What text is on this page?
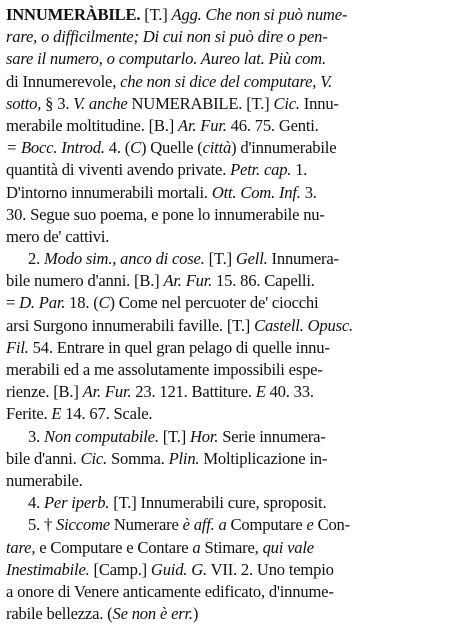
INNUMERÀBILE. [T.] Agg. Che non si può nume-
rare, o difficilmente; Di cui non si può dire o pen-
sare il numero, o computarlo. Aureo lat. Più com.
di Innumerevole, che non si dice del computare, V.
sotto, § 3. V. anche NUMERABILE. [T.] Cic. Innu-
merabile moltitudine. [B.] Ar. Fur. 46. 75. Genti.
= Bocc. Introd. 4. (C) Quelle (città) d'innumerabile
quantità di viventi avendo private. Petr. cap. 1.
D'intorno innumerabili mortali. Ott. Com. Inf. 3.
30. Segue suo poema, e pone lo innumerabile nu-
mero de' cattivi.
2. Modo sim., anco di cose. [T.] Gell. Innumera-
bile numero d'anni. [B.] Ar. Fur. 15. 86. Capelli.
= D. Par. 18. (C) Come nel percuoter de' ciocchi
arsi Surgono innumerabili faville. [T.] Castell. Opusc.
Fil. 54. Entrare in quel gran pelago di quelle innu-
merabili ed a me assolutamente impossibili espe-
rienze. [B.] Ar. Fur. 23. 121. Battiture. E 40. 33.
Ferite. E 14. 67. Scale.
3. Non computabile. [T.] Hor. Serie innumera-
bile d'anni. Cic. Somma. Plin. Moltiplicazione in-
numerabile.
4. Per iperb. [T.] Innumerabili cure, sproposit.
5. † Siccome Numerare è aff. a Computare e Con-
tare, e Computare e Contare a Stimare, qui vale
Inestimabile. [Camp.] Guid. G. VII. 2. Uno tempio
a onore di Venere anticamente edificato, d'innume-
rabile bellezza. (Se non è err.)
